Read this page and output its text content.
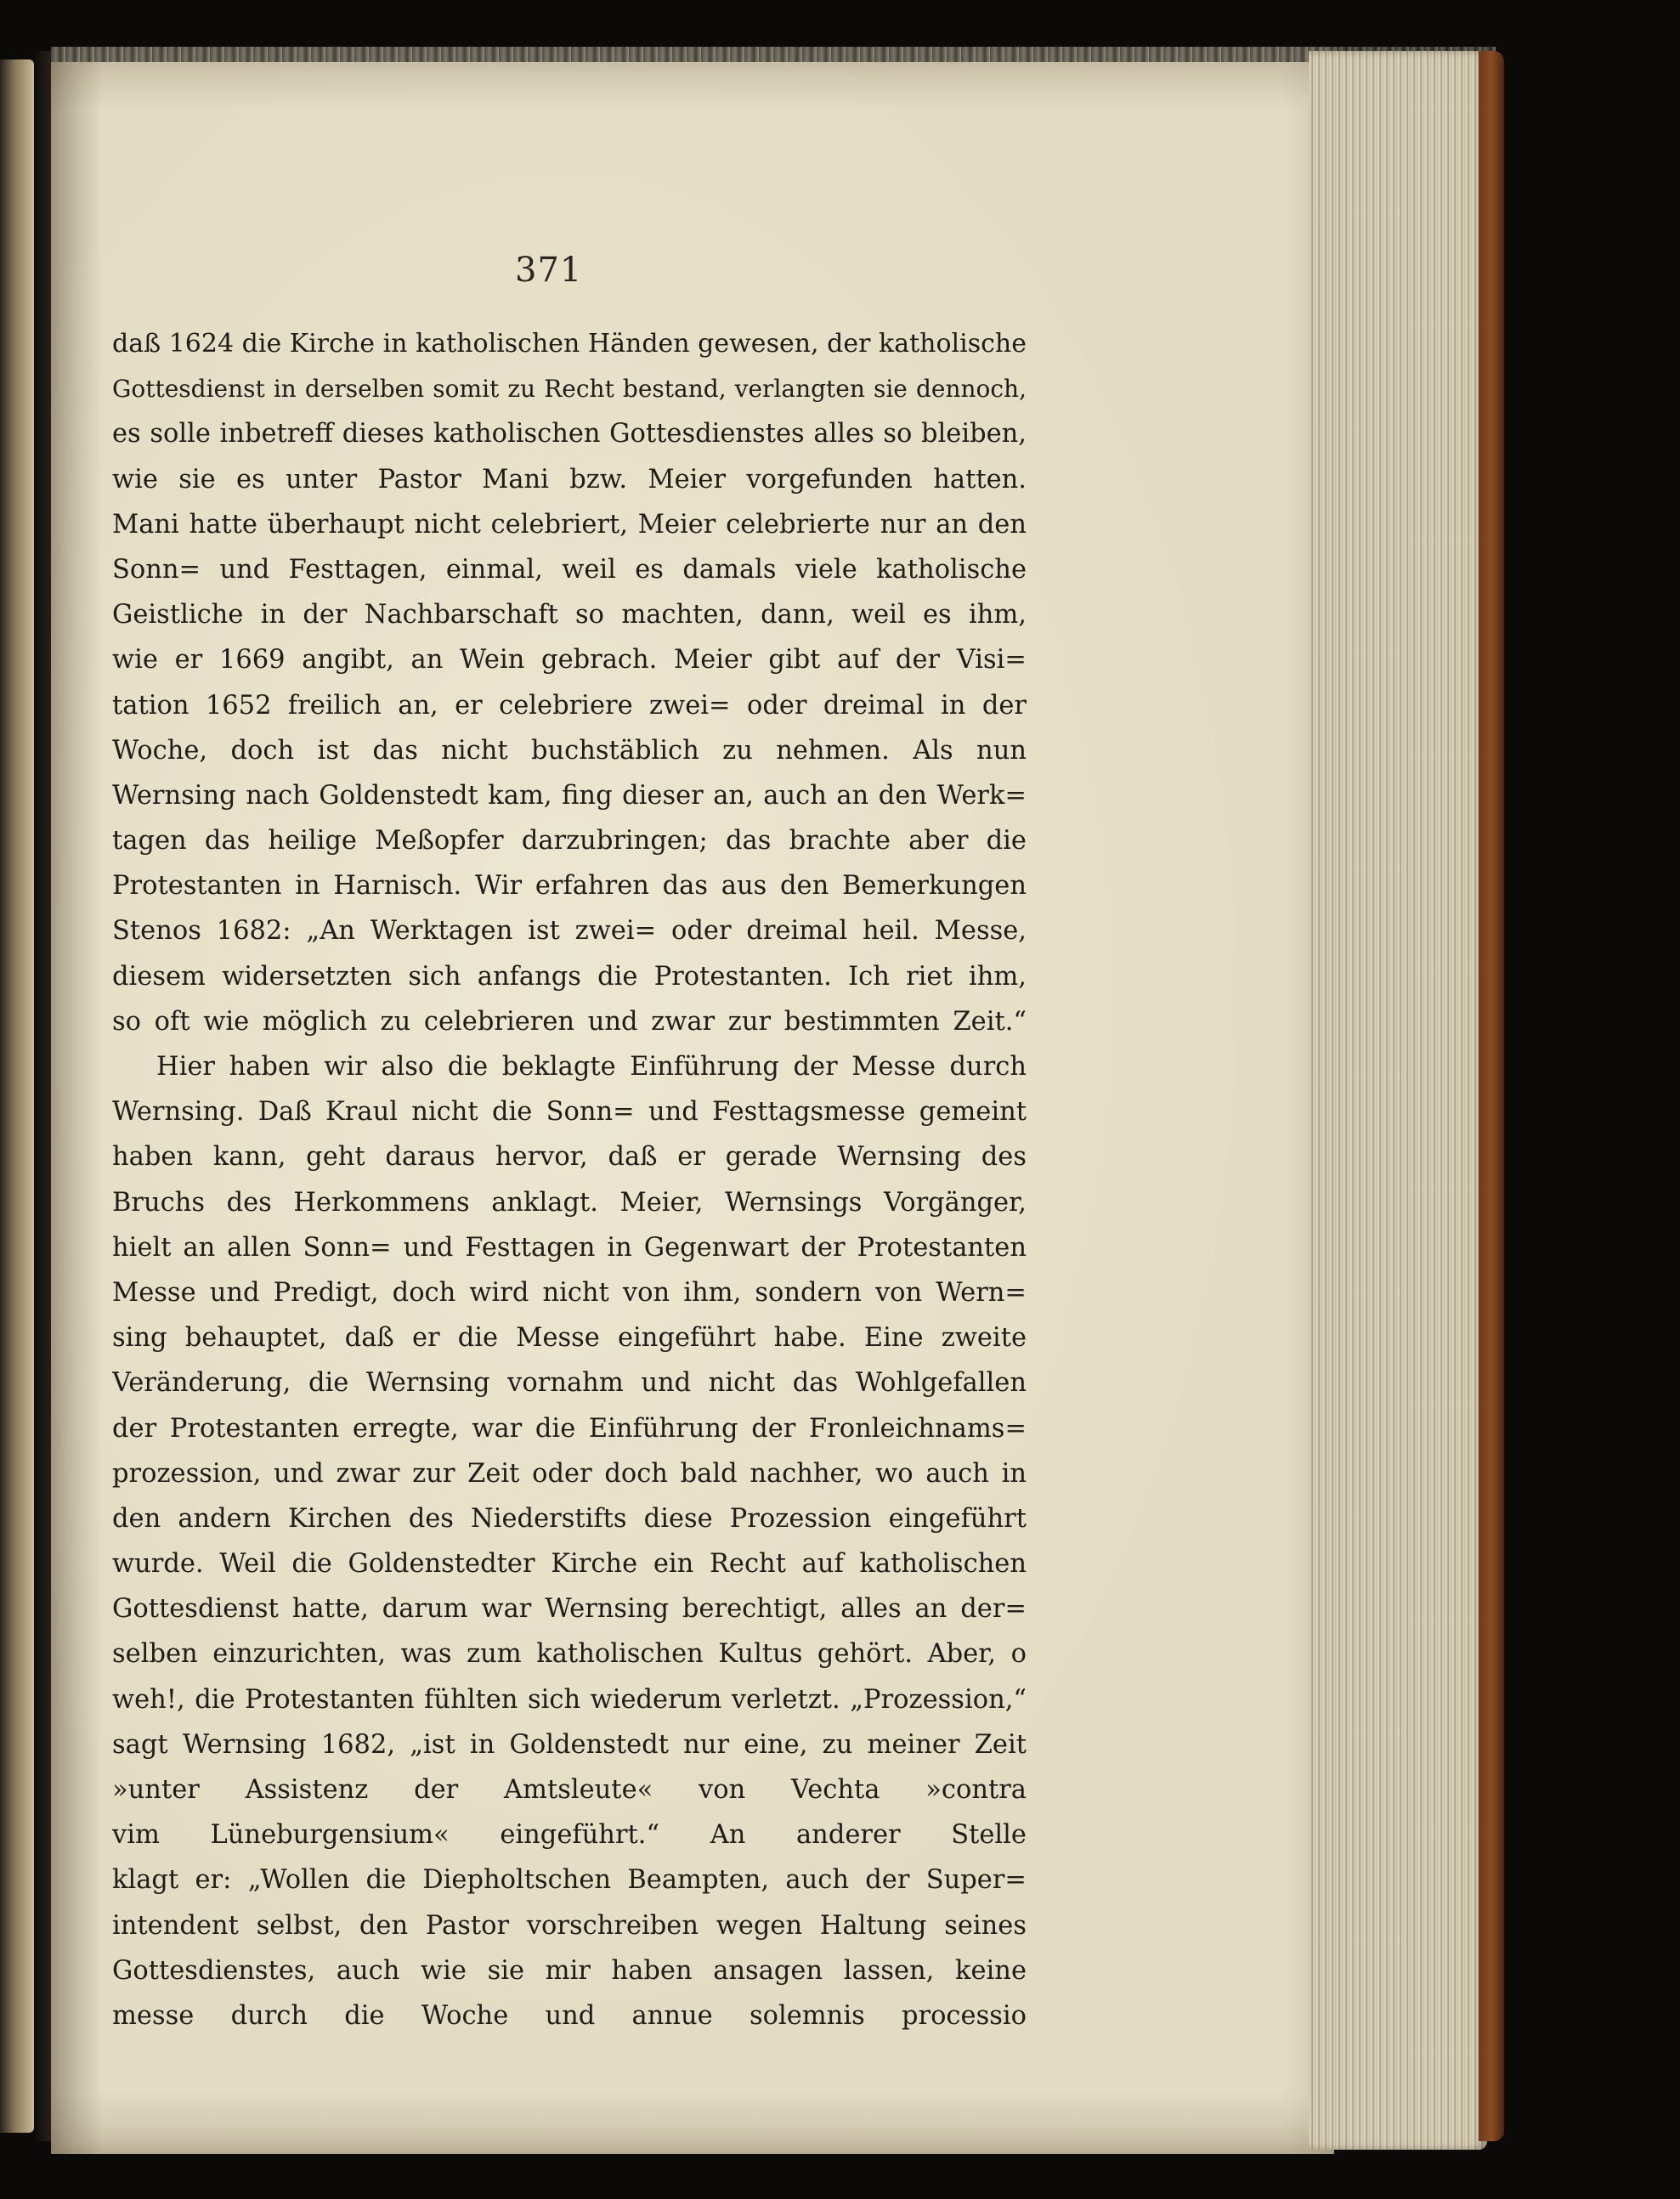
371
daß 1624 die Kirche in katholischen Händen gewesen, der katholische
Gottesdienst in derselben somit zu Recht bestand, verlangten sie dennoch,
es solle inbetreff dieses katholischen Gottesdienstes alles so bleiben,
wie sie es unter Pastor Mani bzw. Meier vorgefunden hatten.
Mani hatte überhaupt nicht celebriert, Meier celebrierte nur an den
Sonn= und Festtagen, einmal, weil es damals viele katholische
Geistliche in der Nachbarschaft so machten, dann, weil es ihm,
wie er 1669 angibt, an Wein gebrach. Meier gibt auf der Visi=
tation 1652 freilich an, er celebriere zwei= oder dreimal in der
Woche, doch ist das nicht buchstäblich zu nehmen. Als nun
Wernsing nach Goldenstedt kam, fing dieser an, auch an den Werk=
tagen das heilige Meßopfer darzubringen; das brachte aber die
Protestanten in Harnisch. Wir erfahren das aus den Bemerkungen
Stenos 1682: „An Werktagen ist zwei= oder dreimal heil. Messe,
diesem widersetzten sich anfangs die Protestanten. Ich riet ihm,
so oft wie möglich zu celebrieren und zwar zur bestimmten Zeit.“
Hier haben wir also die beklagte Einführung der Messe durch
Wernsing. Daß Kraul nicht die Sonn= und Festtagsmesse gemeint
haben kann, geht daraus hervor, daß er gerade Wernsing des
Bruchs des Herkommens anklagt. Meier, Wernsings Vorgänger,
hielt an allen Sonn= und Festtagen in Gegenwart der Protestanten
Messe und Predigt, doch wird nicht von ihm, sondern von Wern=
sing behauptet, daß er die Messe eingeführt habe. Eine zweite
Veränderung, die Wernsing vornahm und nicht das Wohlgefallen
der Protestanten erregte, war die Einführung der Fronleichnams=
prozession, und zwar zur Zeit oder doch bald nachher, wo auch in
den andern Kirchen des Niederstifts diese Prozession eingeführt
wurde. Weil die Goldenstedter Kirche ein Recht auf katholischen
Gottesdienst hatte, darum war Wernsing berechtigt, alles an der=
selben einzurichten, was zum katholischen Kultus gehört. Aber, o
weh!, die Protestanten fühlten sich wiederum verletzt. „Prozession,“
sagt Wernsing 1682, „ist in Goldenstedt nur eine, zu meiner Zeit
»unter Assistenz der Amtsleute« von Vechta »contra
vim Lüneburgensium« eingeführt.“ An anderer Stelle
klagt er: „Wollen die Diepholtschen Beampten, auch der Super=
intendent selbst, den Pastor vorschreiben wegen Haltung seines
Gottesdienstes, auch wie sie mir haben ansagen lassen, keine
messe durch die Woche und annue solemnis processio
